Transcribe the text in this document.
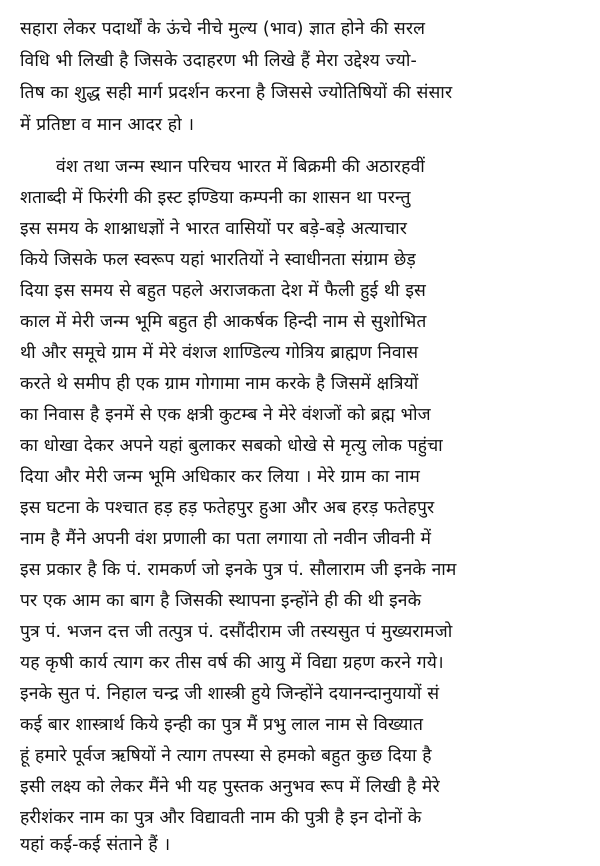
सहारा लेकर पदार्थों के ऊंचे नीचे मुल्य (भाव) ज्ञात होने की सरल
विधि भी लिखी है जिसके उदाहरण भी लिखे हैं मेरा उद्देश्य ज्यो-
तिष का शुद्ध सही मार्ग प्रदर्शन करना है जिससे ज्योतिषियों की संसार
में प्रतिष्टा व मान आदर हो ।
वंश तथा जन्म स्थान परिचय भारत में बिक्रमी की अठारहवीं
शताब्दी में फिरंगी की इस्ट इण्डिया कम्पनी का शासन था परन्तु
इस समय के शाश्नाधज्ञों ने भारत वासियों पर बड़े-बड़े अत्याचार
किये जिसके फल स्वरूप यहां भारतियों ने स्वाधीनता संग्राम छेड़
दिया इस समय से बहुत पहले अराजकता देश में फैली हुई थी इस
काल में मेरी जन्म भूमि बहुत ही आकर्षक हिन्दी नाम से सुशोभित
थी और समूचे ग्राम में मेरे वंशज शाण्डिल्य गोत्रिय ब्राह्मण निवास
करते थे समीप ही एक ग्राम गोगामा नाम करके है जिसमें क्षत्रियों
का निवास है इनमें से एक क्षत्री कुटम्ब ने मेरे वंशजों को ब्रह्म भोज
का धोखा देकर अपने यहां बुलाकर सबको धोखे से मृत्यु लोक पहुंचा
दिया और मेरी जन्म भूमि अधिकार कर लिया । मेरे ग्राम का नाम
इस घटना के पश्चात हड़ हड़ फतेहपुर हुआ और अब हरड़ फतेहपुर
नाम है मैंने अपनी वंश प्रणाली का पता लगाया तो नवीन जीवनी में
इस प्रकार है कि पं. रामकर्ण जो इनके पुत्र पं. सौलाराम जी इनके नाम
पर एक आम का बाग है जिसकी स्थापना इन्होंने ही की थी इनके
पुत्र पं. भजन दत्त जी तत्पुत्र पं. दसौंदीराम जी तस्यसुत पं मुख्यरामजो
यह कृषी कार्य त्याग कर तीस वर्ष की आयु में विद्या ग्रहण करने गये।
इनके सुत पं. निहाल चन्द्र जी शास्त्री हुये जिन्होंने दयानन्दानुयायों सं
कई बार शास्त्रार्थ किये इन्ही का पुत्र मैं प्रभु लाल नाम से विख्यात
हूं हमारे पूर्वज ऋषियों ने त्याग तपस्या से हमको बहुत कुछ दिया है
इसी लक्ष्य को लेकर मैंने भी यह पुस्तक अनुभव रूप में लिखी है मेरे
हरीशंकर नाम का पुत्र और विद्यावती नाम की पुत्री है इन दोनों के
यहां कई-कई संताने हैं ।
